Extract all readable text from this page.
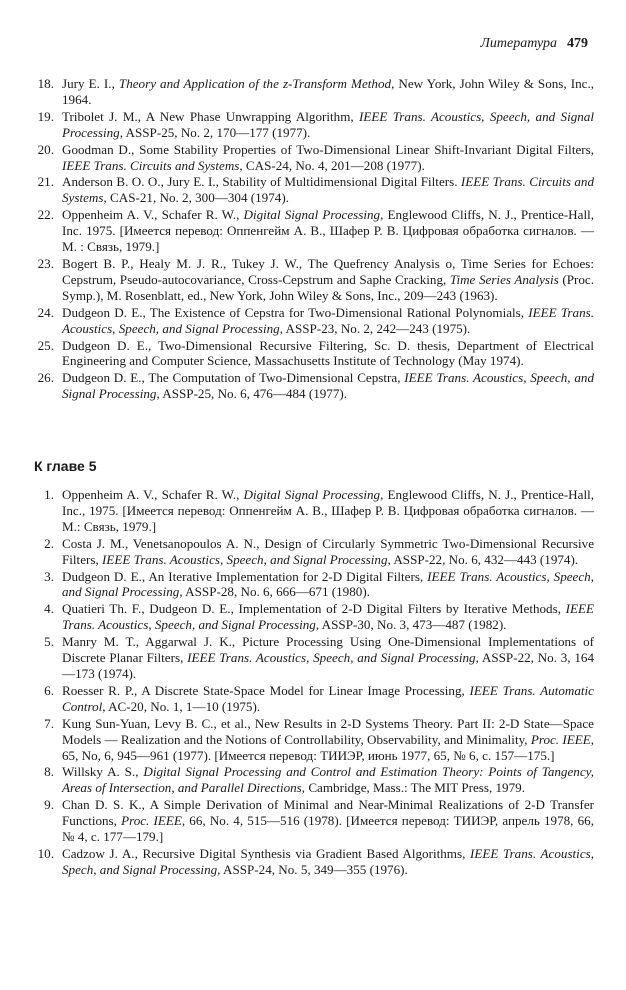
Литература 479
18. Jury E. I., Theory and Application of the z-Transform Method, New York, John Wiley & Sons, Inc., 1964.
19. Tribolet J. M., A New Phase Unwrapping Algorithm, IEEE Trans. Acoustics, Speech, and Signal Processing, ASSP-25, No. 2, 170—177 (1977).
20. Goodman D., Some Stability Properties of Two-Dimensional Linear Shift-Invariant Digital Filters, IEEE Trans. Circuits and Systems, CAS-24, No. 4, 201—208 (1977).
21. Anderson B. O. O., Jury E. I., Stability of Multidimensional Digital Filters. IEEE Trans. Circuits and Systems, CAS-21, No. 2, 300—304 (1974).
22. Oppenheim A. V., Schafer R. W., Digital Signal Processing, Englewood Cliffs, N. J., Prentice-Hall, Inc. 1975. [Имеется перевод: Оппенгейм А. В., Шафер Р. В. Цифровая обработка сигналов. — М. : Связь, 1979.]
23. Bogert B. P., Healy M. J. R., Tukey J. W., The Quefrency Analysis o, Time Series for Echoes: Cepstrum, Pseudo-autocovariance, Cross-Cepstrum and Saphe Cracking, Time Series Analysis (Proc. Symp.), M. Rosenblatt, ed., New York, John Wiley & Sons, Inc., 209—243 (1963).
24. Dudgeon D. E., The Existence of Cepstra for Two-Dimensional Rational Polynomials, IEEE Trans. Acoustics, Speech, and Signal Processing, ASSP-23, No. 2, 242—243 (1975).
25. Dudgeon D. E., Two-Dimensional Recursive Filtering, Sc. D. thesis, Department of Electrical Engineering and Computer Science, Massachusetts Institute of Technology (May 1974).
26. Dudgeon D. E., The Computation of Two-Dimensional Cepstra, IEEE Trans. Acoustics, Speech, and Signal Processing, ASSP-25, No. 6, 476—484 (1977).
К главе 5
1. Oppenheim A. V., Schafer R. W., Digital Signal Processing, Englewood Cliffs, N. J., Prentice-Hall, Inc., 1975. [Имеется перевод: Оппенгейм А. В., Шафер Р. В. Цифровая обработка сигналов. — М.: Связь, 1979.]
2. Costa J. M., Venetsanopoulos A. N., Design of Circularly Symmetric Two-Dimensional Recursive Filters, IEEE Trans. Acoustics, Speech, and Signal Processing, ASSP-22, No. 6, 432—443 (1974).
3. Dudgeon D. E., An Iterative Implementation for 2-D Digital Filters, IEEE Trans. Acoustics, Speech, and Signal Processing, ASSP-28, No. 6, 666—671 (1980).
4. Quatieri Th. F., Dudgeon D. E., Implementation of 2-D Digital Filters by Iterative Methods, IEEE Trans. Acoustics, Speech, and Signal Processing, ASSP-30, No. 3, 473—487 (1982).
5. Manry M. T., Aggarwal J. K., Picture Processing Using One-Dimensional Implementations of Discrete Planar Filters, IEEE Trans. Acoustics, Speech, and Signal Processing, ASSP-22, No. 3, 164—173 (1974).
6. Roesser R. P., A Discrete State-Space Model for Linear Image Processing, IEEE Trans. Automatic Control, AC-20, No. 1, 1—10 (1975).
7. Kung Sun-Yuan, Levy B. C., et al., New Results in 2-D Systems Theory. Part II: 2-D State—Space Models — Realization and the Notions of Controllability, Observability, and Minimality, Proc. IEEE, 65, No, 6, 945—961 (1977). [Имеется перевод: ТИИЭР, июнь 1977, 65, № 6, с. 157—175.]
8. Willsky A. S., Digital Signal Processing and Control and Estimation Theory: Points of Tangency, Areas of Intersection, and Parallel Directions, Cambridge, Mass.: The MIT Press, 1979.
9. Chan D. S. K., A Simple Derivation of Minimal and Near-Minimal Realizations of 2-D Transfer Functions, Proc. IEEE, 66, No. 4, 515—516 (1978). [Имеется перевод: ТИИЭР, апрель 1978, 66, № 4, с. 177—179.]
10. Cadzow J. A., Recursive Digital Synthesis via Gradient Based Algorithms, IEEE Trans. Acoustics, Spech, and Signal Processing, ASSP-24, No. 5, 349—355 (1976).
